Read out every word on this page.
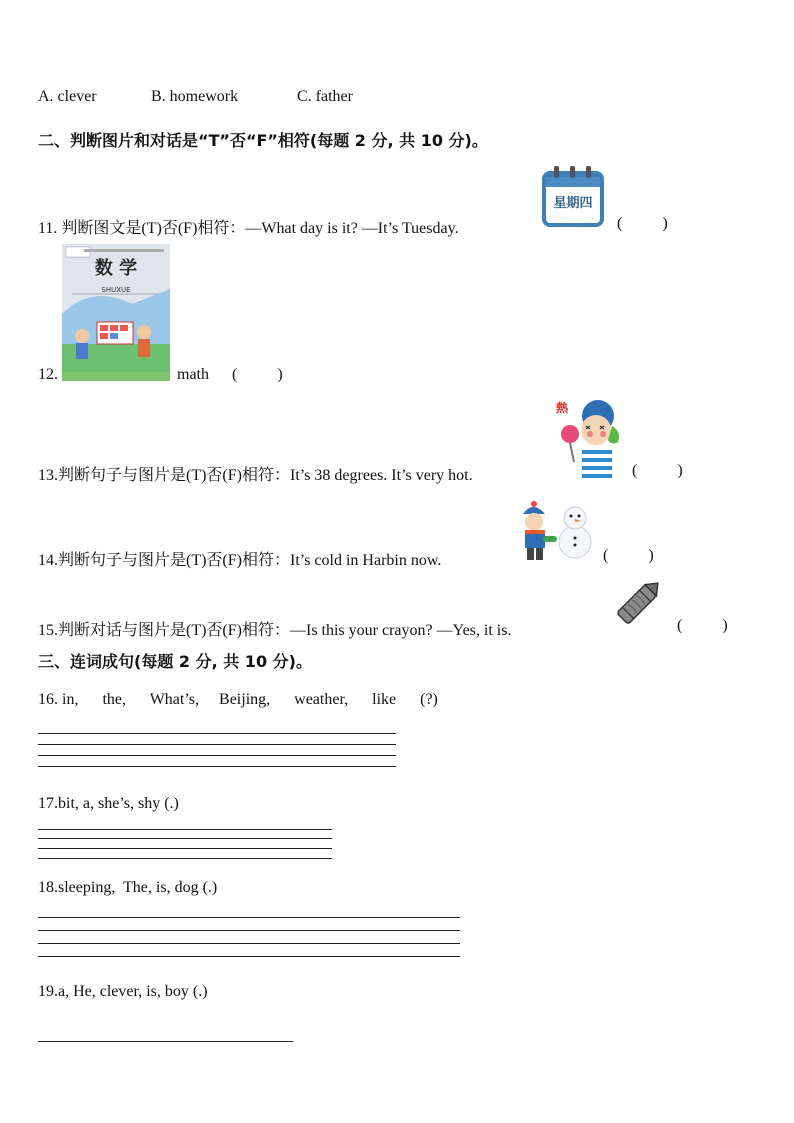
A. clever	B. homework	C. father
二、判断图片和对话是“T”否“F”相符(每题 2 分, 共 10 分)。
11. 判断图文是(T)否(F)相符：—What day is it? —It’s Tuesday.
星期四
(          )
12.
数 学
SHUXUE
math (          )
13.判断句子与图片是(T)否(F)相符：It’s 38 degrees. It’s very hot.
熱
(          )
14.判断句子与图片是(T)否(F)相符：It’s cold in Harbin now.	(          )
15.判断对话与图片是(T)否(F)相符：—Is this your crayon? —Yes, it is.	(          )
三、连词成句(每题 2 分, 共 10 分)。
16. in,      the,      What’s,     Beijing,      weather,      like      (?)
17.bit, a, she’s, shy (.)
18.sleeping,  The, is, dog (.)
19.a, He, clever, is, boy (.)
